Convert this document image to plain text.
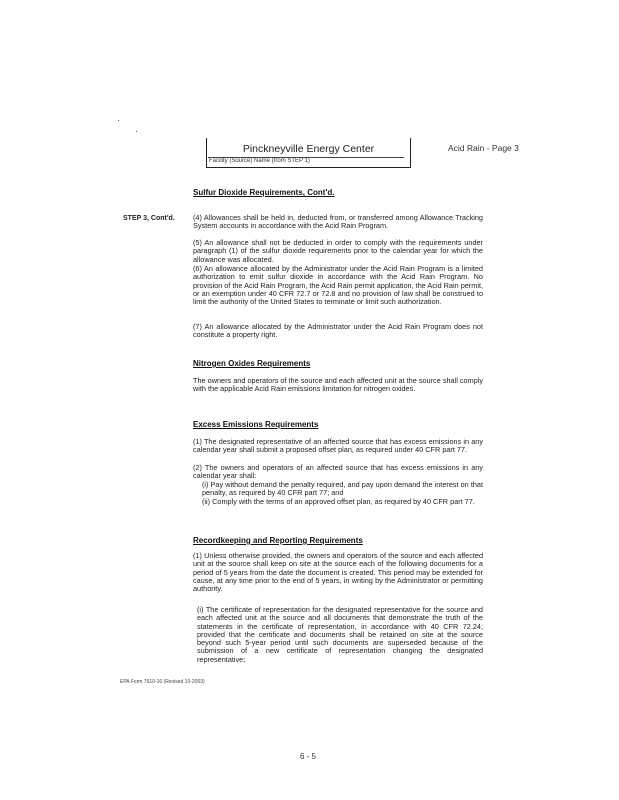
Pinckneyville Energy Center
Facility (Source) Name (from STEP 1)
Acid Rain - Page 3
Sulfur Dioxide Requirements, Cont'd.
STEP 3, Cont'd.	(4) Allowances shall be held in, deducted from, or transferred among Allowance Tracking System accounts in accordance with the Acid Rain Program.

(5) An allowance shall not be deducted in order to comply with the requirements under paragraph (1) of the sulfur dioxide requirements prior to the calendar year for which the allowance was allocated.

(6) An allowance allocated by the Administrator under the Acid Rain Program is a limited authorization to emit sulfur dioxide in accordance with the Acid Rain Program. No provision of the Acid Rain Program, the Acid Rain permit application, the Acid Rain permit, or an exemption under 40 CFR 72.7 or 72.8 and no provision of law shall be construed to limit the authority of the United States to terminate or limit such authorization.

(7) An allowance allocated by the Administrator under the Acid Rain Program does not constitute a property right.

Nitrogen Oxides Requirements

The owners and operators of the source and each affected unit at the source shall comply with the applicable Acid Rain emissions limitation for nitrogen oxides.

Excess Emissions Requirements

(1) The designated representative of an affected source that has excess emissions in any calendar year shall submit a proposed offset plan, as required under 40 CFR part 77.

(2) The owners and operators of an affected source that has excess emissions in any calendar year shall:

(i) Pay without demand the penalty required, and pay upon demand the interest on that penalty, as required by 40 CFR part 77; and

(ii) Comply with the terms of an approved offset plan, as required by 40 CFR part 77.

Recordkeeping and Reporting Requirements

(1) Unless otherwise provided, the owners and operators of the source and each affected unit at the source shall keep on site at the source each of the following documents for a period of 5 years from the date the document is created. This period may be extended for cause, at any time prior to the end of 5 years, in writing by the Administrator or permitting authority.

(i) The certificate of representation for the designated representative for the source and each affected unit at the source and all documents that demonstrate the truth of the statements in the certificate of representation, in accordance with 40 CFR 72.24; provided that the certificate and documents shall be retained on site at the source beyond such 5-year period until such documents are superseded because of the submission of a new certificate of representation changing the designated representative;

EPA Form 7610-16 (Revised 10-2003)
6 - 5
